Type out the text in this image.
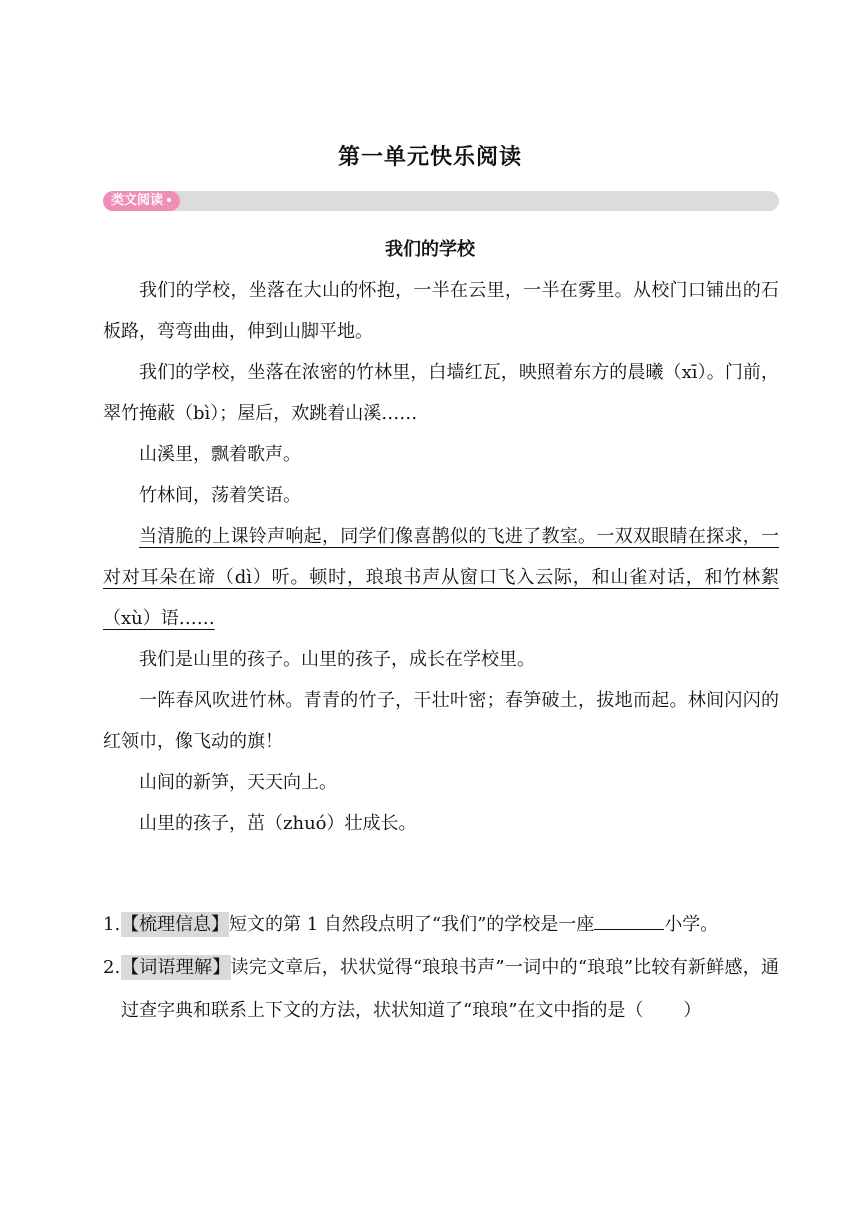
第一单元快乐阅读
类文阅读
我们的学校

我们的学校，坐落在大山的怀抱，一半在云里，一半在雾里。从校门口铺出的石板路，弯弯曲曲，伸到山脚平地。

我们的学校，坐落在浓密的竹林里，白墙红瓦，映照着东方的晨曦（xī）。门前，翠竹掩蔽（bì）；屋后，欢跳着山溪……

山溪里，飘着歌声。

竹林间，荡着笑语。

当清脆的上课铃声响起，同学们像喜鹊似的飞进了教室。一双双眼睛在探求，一对对耳朵在谛（dì）听。顿时，琅琅书声从窗口飞入云际，和山雀对话，和竹林絮（xù）语……

我们是山里的孩子。山里的孩子，成长在学校里。

一阵春风吹进竹林。青青的竹子，干壮叶密；春笋破土，拔地而起。林间闪闪的红领巾，像飞动的旗！

山间的新笋，天天向上。

山里的孩子，茁（zhuó）壮成长。

1. 【梳理信息】短文的第 1 自然段点明了“我们”的学校是一座	小学。
2. 【词语理解】读完文章后，状状觉得“琅琅书声”一词中的“琅琅”比较有新鲜感，通过查字典和联系上下文的方法，状状知道了“琅琅”在文中指的是（ ）
